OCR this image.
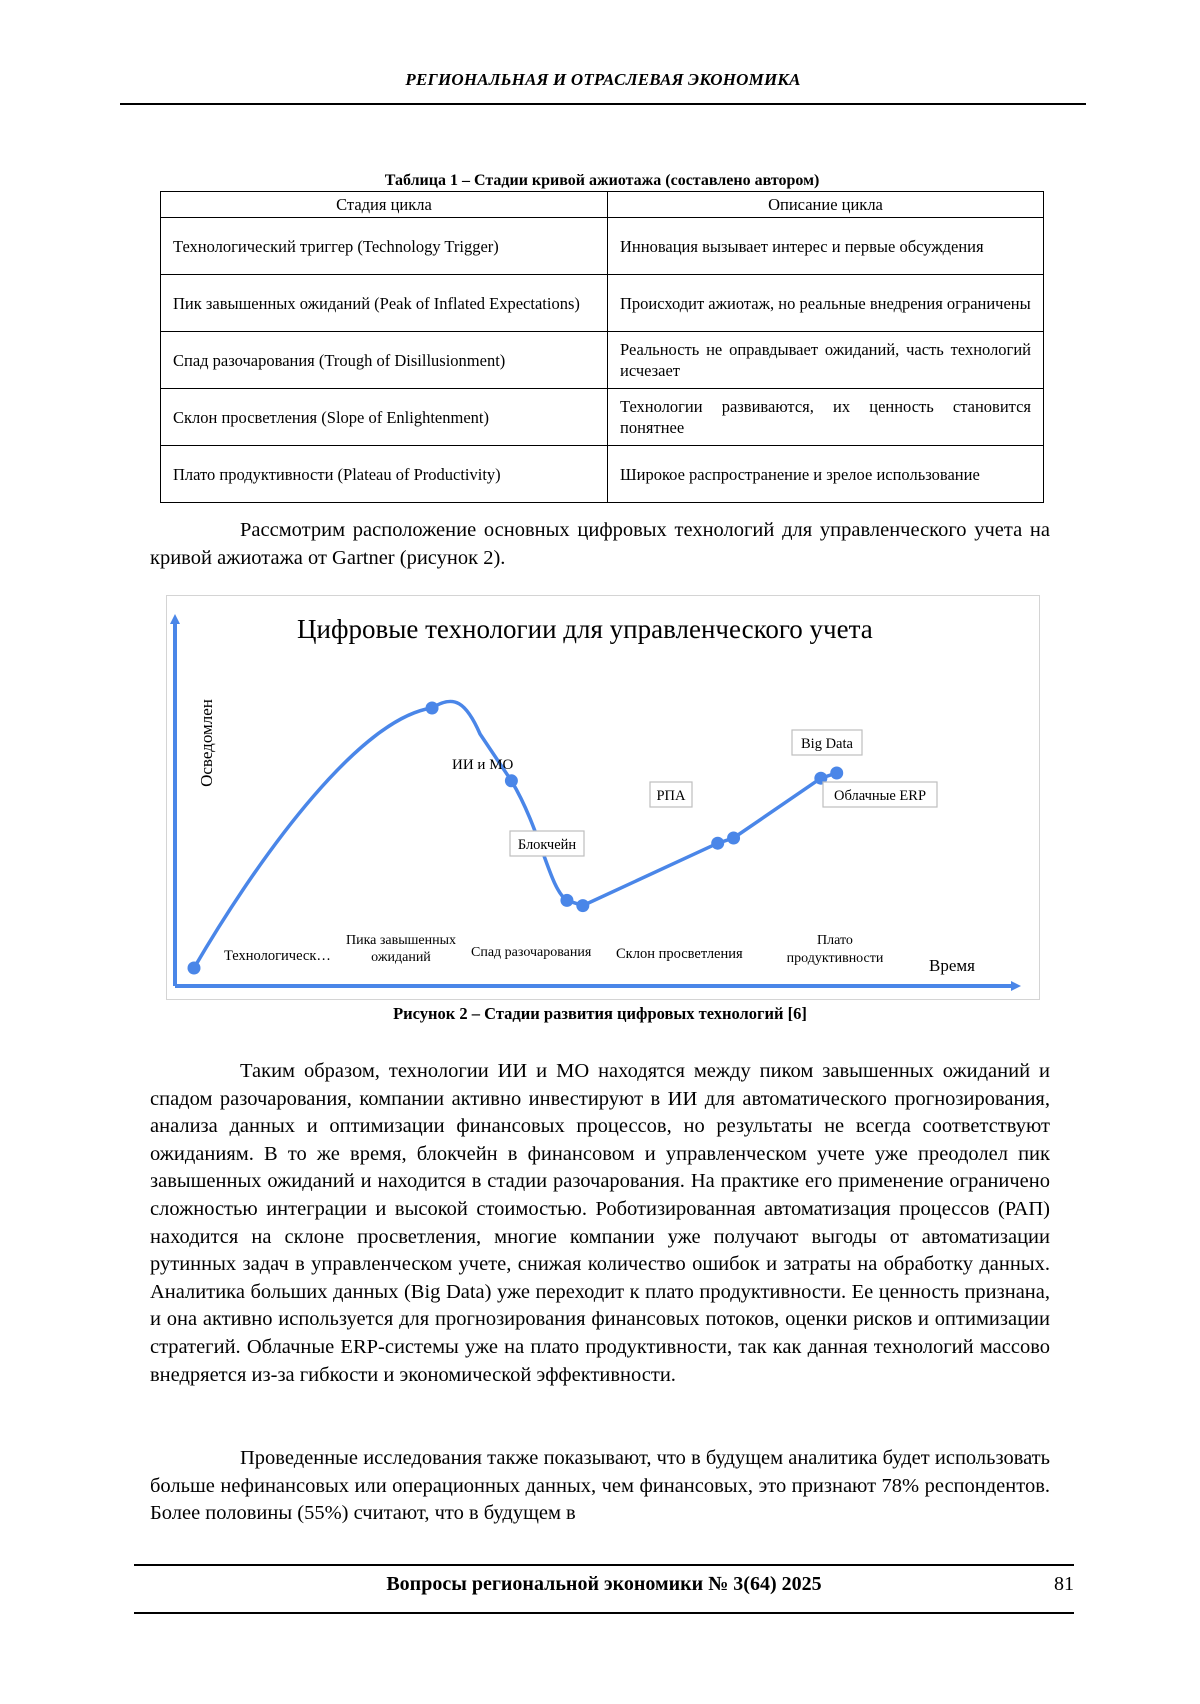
РЕГИОНАЛЬНАЯ И ОТРАСЛЕВАЯ ЭКОНОМИКА
Таблица 1 – Стадии кривой ажиотажа (составлено автором)
Стадия цикла	Описание цикла
Технологический триггер (Technology Trigger)	Инновация вызывает интерес и первые обсуждения
Пик завышенных ожиданий (Peak of Inflated Expectations)	Происходит ажиотаж, но реальные внедрения ограничены
Спад разочарования (Trough of Disillusionment)	Реальность не оправдывает ожиданий, часть технологий исчезает
Склон просветления (Slope of Enlightenment)	Технологии развиваются, их ценность становится понятнее
Плато продуктивности (Plateau of Productivity)	Широкое распространение и зрелое использование

Рассмотрим расположение основных цифровых технологий для управленческого учета на кривой ажиотажа от Gartner (рисунок 2).

Цифровые технологии для управленческого учета
Осведомлен
Время
Технологическ…
Пика завышенных ожиданий	Спад разочарования Склон просветления
Плато продуктивности
ИИ и МО
Блокчейн
РПА
Big Data
Облачные ERP
Рисунок 2 – Стадии развития цифровых технологий [6]

Таким образом, технологии ИИ и МО находятся между пиком завышенных ожиданий и спадом разочарования, компании активно инвестируют в ИИ для автоматического прогнозирования, анализа данных и оптимизации финансовых процессов, но результаты не всегда соответствуют ожиданиям. В то же время, блокчейн в финансовом и управленческом учете уже преодолел пик завышенных ожиданий и находится в стадии разочарования. На практике его применение ограничено сложностью интеграции и высокой стоимостью. Роботизированная автоматизация процессов (РАП) находится на склоне просветления, многие компании уже получают выгоды от автоматизации рутинных задач в управленческом учете, снижая количество ошибок и затраты на обработку данных. Аналитика больших данных (Big Data) уже переходит к плато продуктивности. Ее ценность признана, и она активно используется для прогнозирования финансовых потоков, оценки рисков и оптимизации стратегий. Облачные ERP-системы уже на плато продуктивности, так как данная технологий массово внедряется из-за гибкости и экономической эффективности.

Проведенные исследования также показывают, что в будущем аналитика будет использовать больше нефинансовых или операционных данных, чем финансовых, это признают 78% респондентов. Более половины (55%) считают, что в будущем в

Вопросы региональной экономики № 3(64) 2025	81
